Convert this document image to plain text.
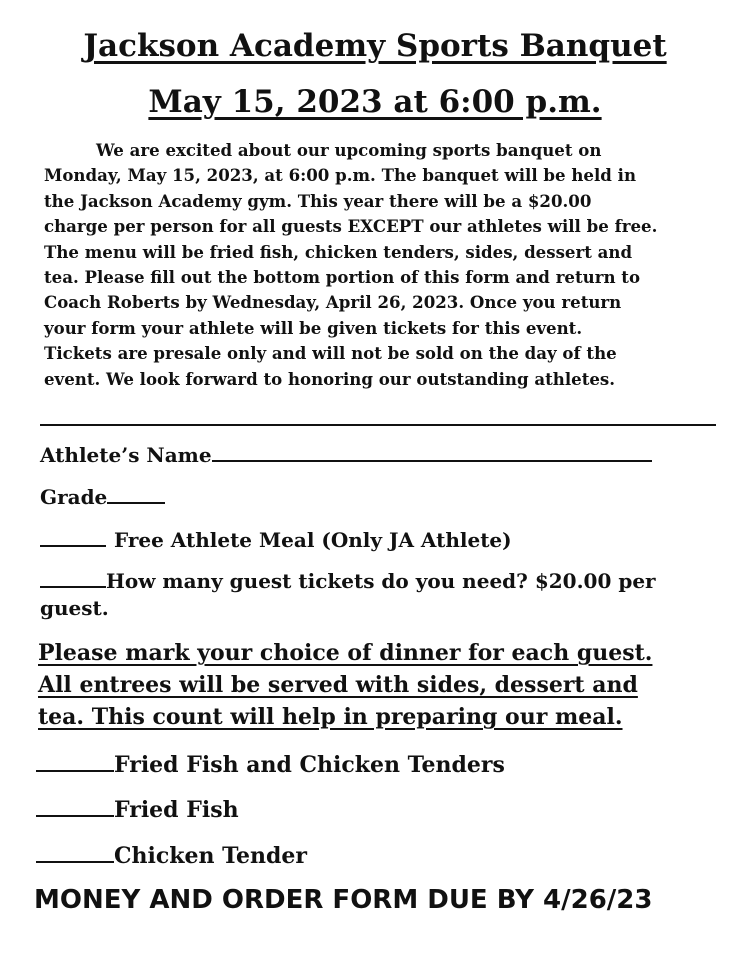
Jackson Academy Sports Banquet
May 15, 2023 at 6:00 p.m.
We are excited about our upcoming sports banquet on
Monday, May 15, 2023, at 6:00 p.m. The banquet will be held in
the Jackson Academy gym. This year there will be a $20.00
charge per person for all guests EXCEPT our athletes will be free.
The menu will be fried fish, chicken tenders, sides, dessert and
tea. Please fill out the bottom portion of this form and return to
Coach Roberts by Wednesday, April 26, 2023. Once you return
your form your athlete will be given tickets for this event.
Tickets are presale only and will not be sold on the day of the
event. We look forward to honoring our outstanding athletes.
Athlete’s Name
Grade
Free Athlete Meal (Only JA Athlete)
How many guest tickets do you need? $20.00 per
guest.
Please mark your choice of dinner for each guest.
All entrees will be served with sides, dessert and
tea. This count will help in preparing our meal.
Fried Fish and Chicken Tenders
Fried Fish
Chicken Tender
MONEY AND ORDER FORM DUE BY 4/26/23
